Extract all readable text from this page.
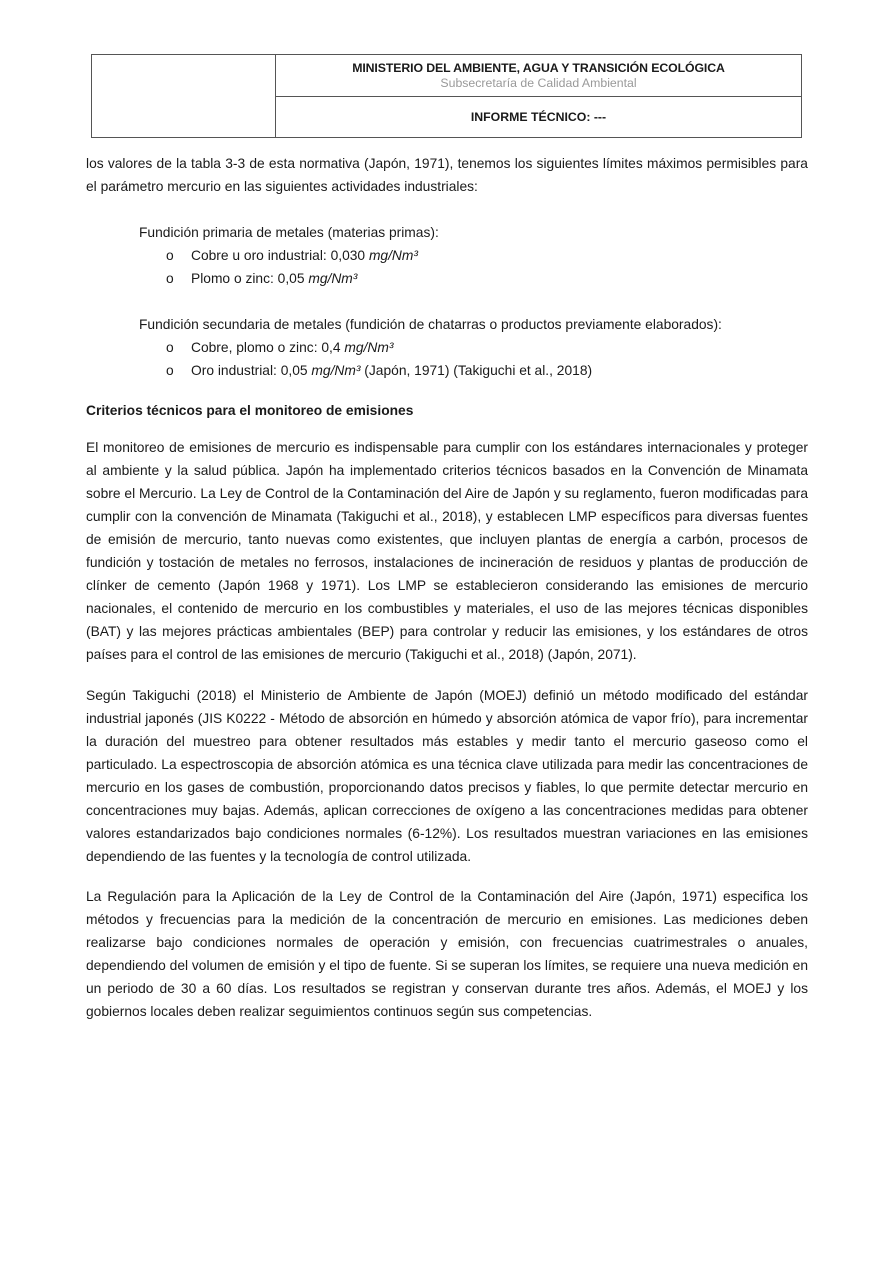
MINISTERIO DEL AMBIENTE, AGUA Y TRANSICIÓN ECOLÓGICA
Subsecretaría de Calidad Ambiental
INFORME TÉCNICO: ---

los valores de la tabla 3-3 de esta normativa (Japón, 1971), tenemos los siguientes límites máximos permisibles para el parámetro mercurio en las siguientes actividades industriales:

Fundición primaria de metales (materias primas):
o Cobre u oro industrial: 0,030 mg/Nm³
o Plomo o zinc: 0,05 mg/Nm³
Fundición secundaria de metales (fundición de chatarras o productos previamente elaborados):
o Cobre, plomo o zinc: 0,4 mg/Nm³
o Oro industrial: 0,05 mg/Nm³ (Japón, 1971) (Takiguchi et al., 2018)
Criterios técnicos para el monitoreo de emisiones

El monitoreo de emisiones de mercurio es indispensable para cumplir con los estándares internacionales y proteger al ambiente y la salud pública. Japón ha implementado criterios técnicos basados en la Convención de Minamata sobre el Mercurio. La Ley de Control de la Contaminación del Aire de Japón y su reglamento, fueron modificadas para cumplir con la convención de Minamata (Takiguchi et al., 2018), y establecen LMP específicos para diversas fuentes de emisión de mercurio, tanto nuevas como existentes, que incluyen plantas de energía a carbón, procesos de fundición y tostación de metales no ferrosos, instalaciones de incineración de residuos y plantas de producción de clínker de cemento (Japón 1968 y 1971). Los LMP se establecieron considerando las emisiones de mercurio nacionales, el contenido de mercurio en los combustibles y materiales, el uso de las mejores técnicas disponibles (BAT) y las mejores prácticas ambientales (BEP) para controlar y reducir las emisiones, y los estándares de otros países para el control de las emisiones de mercurio (Takiguchi et al., 2018) (Japón, 2071).

Según Takiguchi (2018) el Ministerio de Ambiente de Japón (MOEJ) definió un método modificado del estándar industrial japonés (JIS K0222 - Método de absorción en húmedo y absorción atómica de vapor frío), para incrementar la duración del muestreo para obtener resultados más estables y medir tanto el mercurio gaseoso como el particulado. La espectroscopia de absorción atómica es una técnica clave utilizada para medir las concentraciones de mercurio en los gases de combustión, proporcionando datos precisos y fiables, lo que permite detectar mercurio en concentraciones muy bajas. Además, aplican correcciones de oxígeno a las concentraciones medidas para obtener valores estandarizados bajo condiciones normales (6-12%). Los resultados muestran variaciones en las emisiones dependiendo de las fuentes y la tecnología de control utilizada.

La Regulación para la Aplicación de la Ley de Control de la Contaminación del Aire (Japón, 1971) especifica los métodos y frecuencias para la medición de la concentración de mercurio en emisiones. Las mediciones deben realizarse bajo condiciones normales de operación y emisión, con frecuencias cuatrimestrales o anuales, dependiendo del volumen de emisión y el tipo de fuente. Si se superan los límites, se requiere una nueva medición en un periodo de 30 a 60 días. Los resultados se registran y conservan durante tres años. Además, el MOEJ y los gobiernos locales deben realizar seguimientos continuos según sus competencias.
